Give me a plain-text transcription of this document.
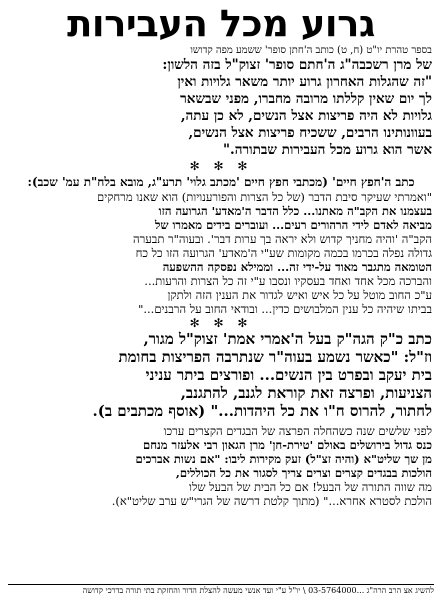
גרוע מכל העבירות

בספר טהרת יו"ט (ח, ט) כותב ה'חתן סופר' ששמע מפה קדושו

של מרן רשכבה"ג ה'חתם סופר' זצוק"ל בזה הלשון:

"זה שהגלות האחרון גרוע יותר משאר גלויות ואין

לך יום שאין קללתו מרובה מחברו, מפני שבשאר

גלויות לא היה פריצות אצל הנשים, לא כן עתה,

בעוונותינו הרבים, ששכיח פריצות אצל הנשים,

אשר הוא גרוע מכל העבירות שבתורה."

✻ ✻ ✻

כתב ה'חפץ חיים' (מכתבי חפץ חיים 'מכתב גלוי' תרע"ג, מובא בלח"ת עמ' שכב):

"ואמרתי שעיקר סיבת הדבר (של כל הצרות והפורענויות) הוא שאנו מרחקים

בעצמנו את הקב"ה מאתנו... כלל הדבר ה'מאדע' הגרועה הזו

מביאה לאדם לידי הרהורים רעים... ועוברים בידים מאמרו של

הקב"ה 'והיה מחניך קדוש ולא יראה בך ערות דבר'. ובעוה"ר תבערה

גדולה נפלה בכרמו בכמה מקומות שע"י ה'מאדע' הגרועה הזו כל כח

הטומאה מתגבר מאוד על-ידי זה... וממילא נפסקה ההשפעה

והברכה מכל אחד ואחד בעסקיו ונסבו ע"י זה כל הצרות והרעות...

ע"כ החוב מוטל על כל איש ואיש לגדור את הענין הזה ולתקן

בביתו שיהיה כל ענין המלבושים כדין... ובודאי החוב על הרבנים..."

✻ ✻ ✻

כתב כ"ק הגה"ק בעל ה'אמרי אמת' זצוק"ל מגור,

וז"ל: "כאשר נשמע בעוה"ר שנתרבה הפריצות בחומת

בית יעקב ובפרט בין הנשים... ופורצים ביתר עניני

הצניעות, ופרצה זאת קוראת לגנב, להתגנב,

לחתור, להרוס ח"ו את כל היהדות..." (אוסף מכתבים ב).

לפני שלשים שנה כשהחלה הפרצה של הבגדים הקצרים ערכו

כנס גדול בירושלים באולם 'טירת-חן' מרן הגאון רבי אלעזר מנחם

מן שך שליט"א (והיה זצ"ל) זעק מקירות ליבו: "אם נשות אברכים

הולכות בבגדים קצרים וצרים צריך לסגור את כל הכוללים,

מה שווה התורה של הבעל! אם כל הבית של הבעל שלו

הולכת לסטרא אחרא..." (מתוך קלטת דרשה של הגרי"ש ערב שליט"א).

להשיג אצ הרב הרה"ג ...03-5764000 \ יו"ל ע"י ועד אנשי מעשה להצלת הדור והחזקת בתי תורה בדרכי קדושה
